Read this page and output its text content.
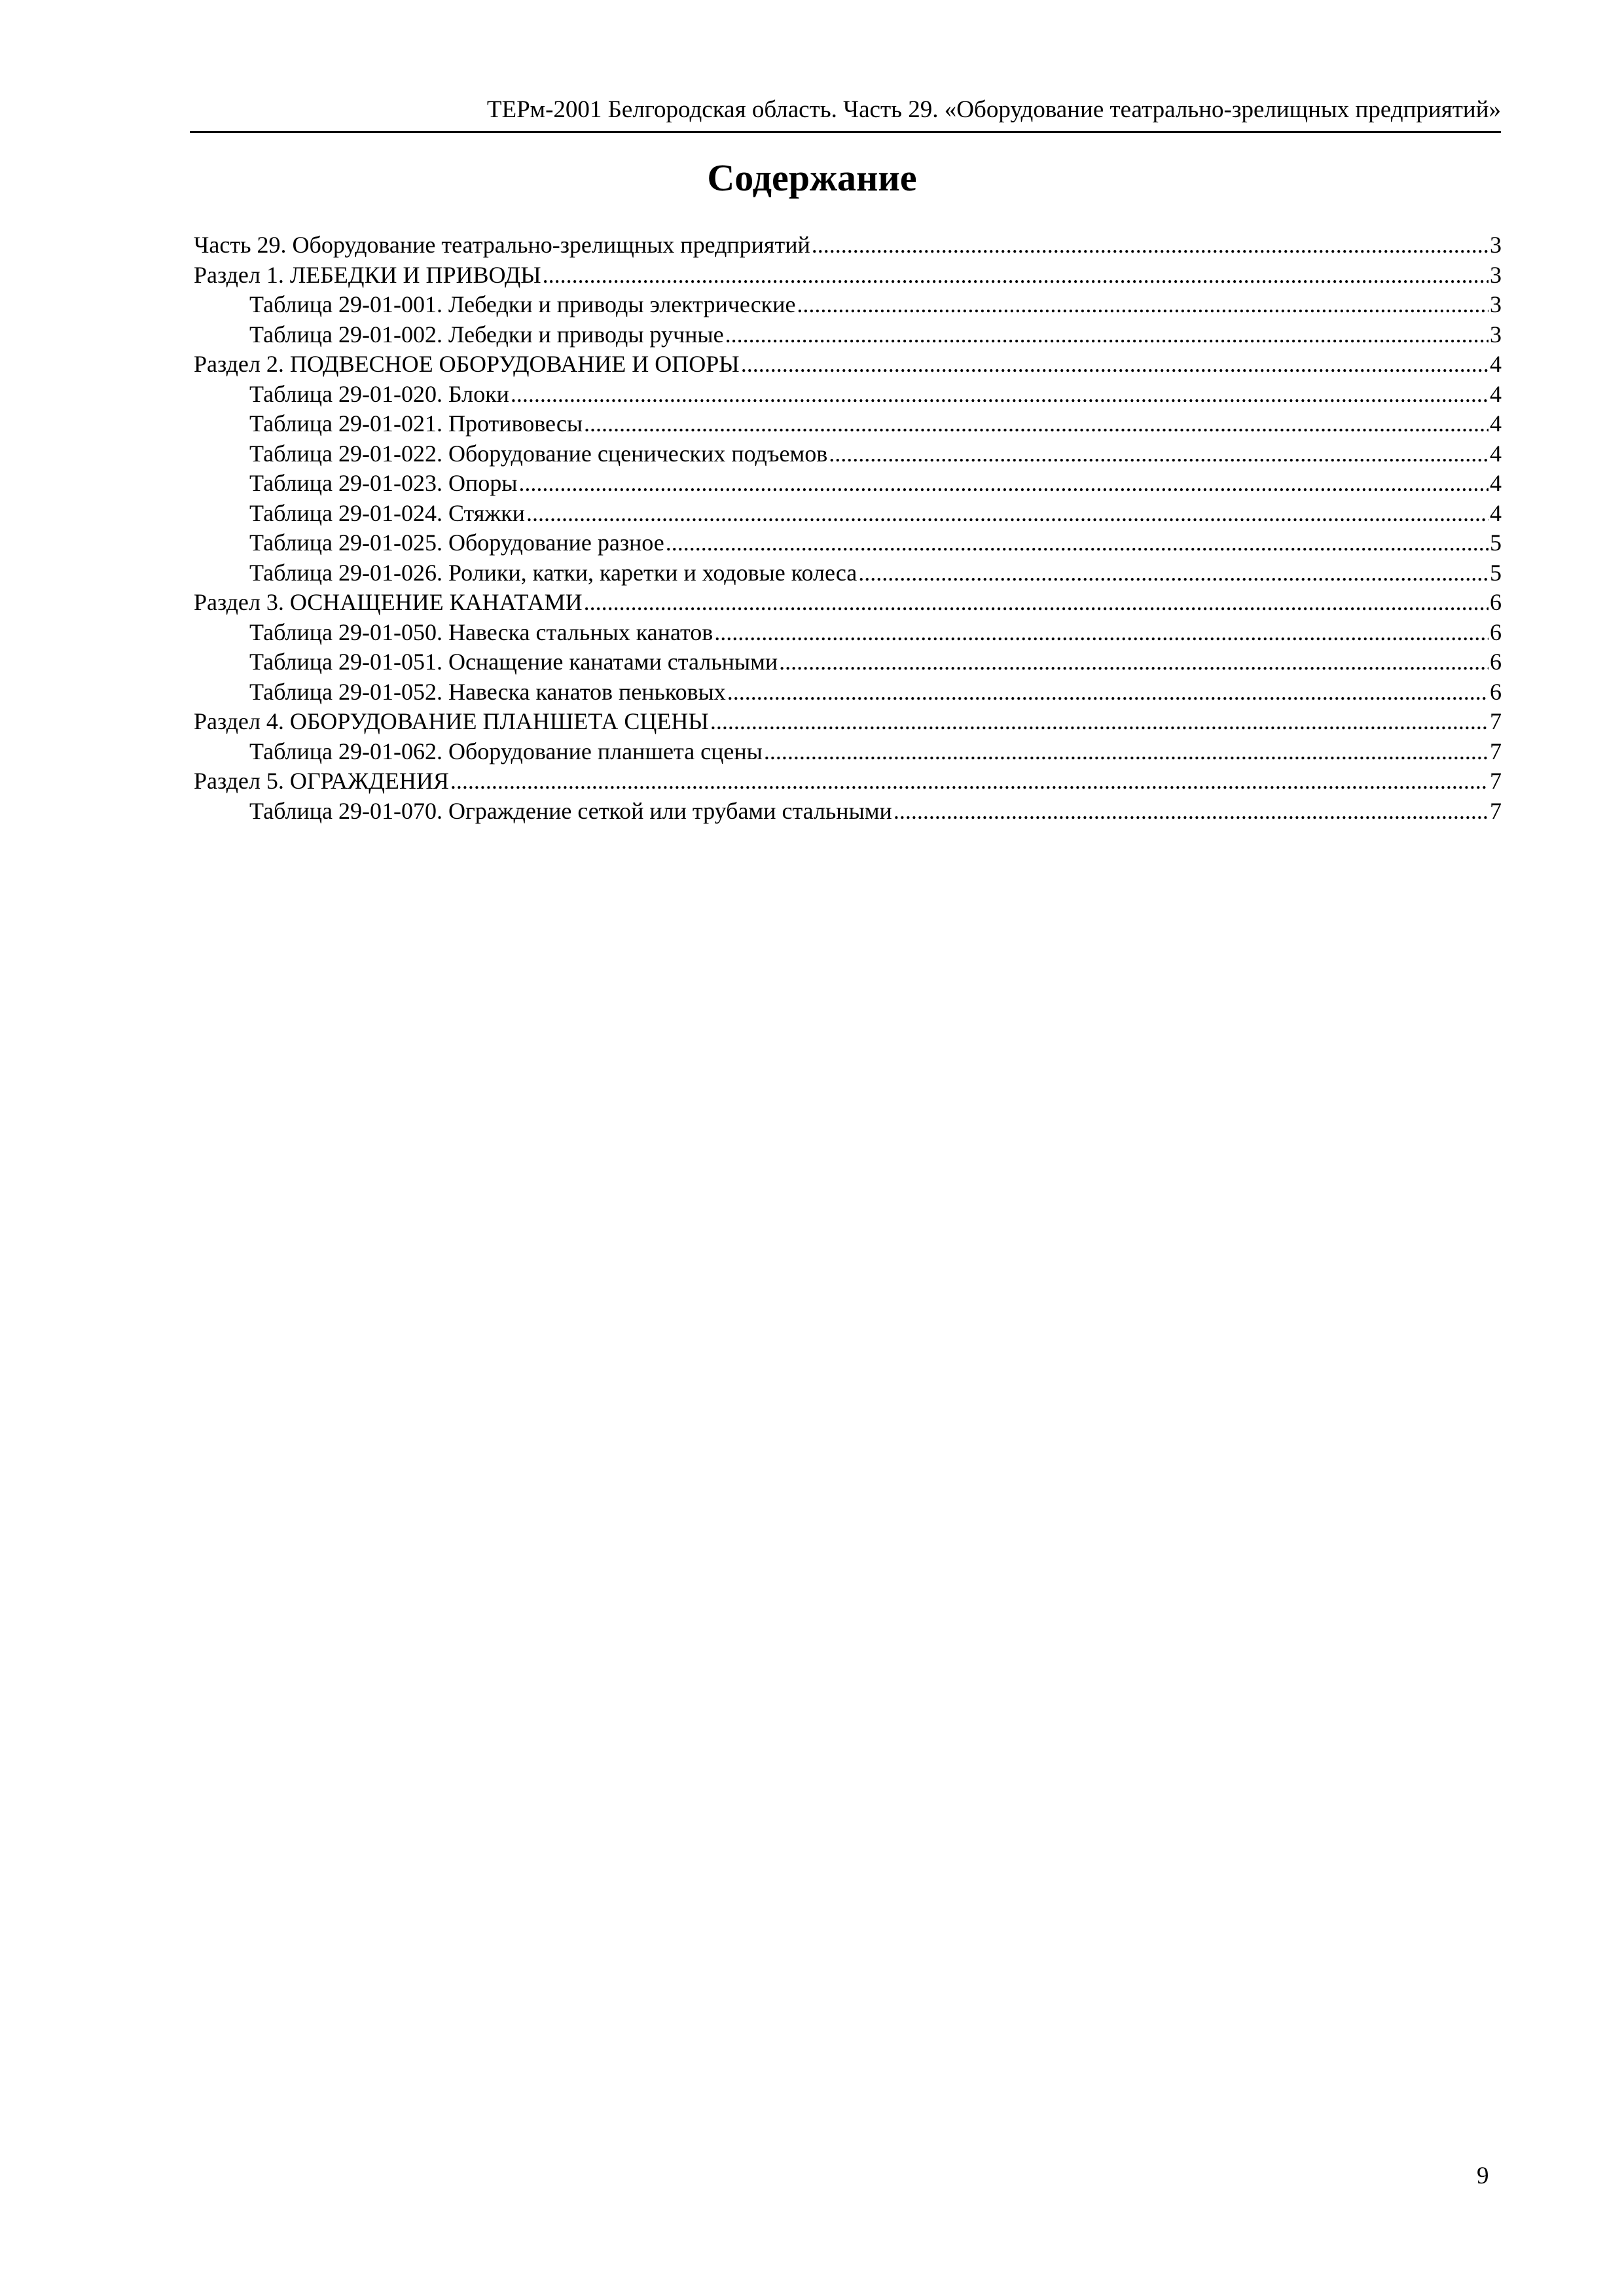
ТЕРм-2001 Белгородская область. Часть 29. «Оборудование театрально-зрелищных предприятий»
Содержание
Часть 29. Оборудование театрально-зрелищных предприятий .....	3
Раздел 1. ЛЕБЕДКИ И ПРИВОДЫ .....	3
Таблица 29-01-001. Лебедки и приводы электрические .....	3
Таблица 29-01-002. Лебедки и приводы ручные .....	3
Раздел 2. ПОДВЕСНОЕ ОБОРУДОВАНИЕ И ОПОРЫ .....	4
Таблица 29-01-020. Блоки .....	4
Таблица 29-01-021. Противовесы .....	4
Таблица 29-01-022. Оборудование сценических подъемов .....	4
Таблица 29-01-023. Опоры .....	4
Таблица 29-01-024. Стяжки .....	4
Таблица 29-01-025. Оборудование разное .....	5
Таблица 29-01-026. Ролики, катки, каретки и ходовые колеса .....	5
Раздел 3. ОСНАЩЕНИЕ КАНАТАМИ .....	6
Таблица 29-01-050. Навеска стальных канатов .....	6
Таблица 29-01-051. Оснащение канатами стальными .....	6
Таблица 29-01-052. Навеска канатов пеньковых .....	6
Раздел 4. ОБОРУДОВАНИЕ ПЛАНШЕТА СЦЕНЫ .....	7
Таблица 29-01-062. Оборудование планшета сцены .....	7
Раздел 5. ОГРАЖДЕНИЯ .....	7
Таблица 29-01-070. Ограждение сеткой или трубами стальными .....	7
9
